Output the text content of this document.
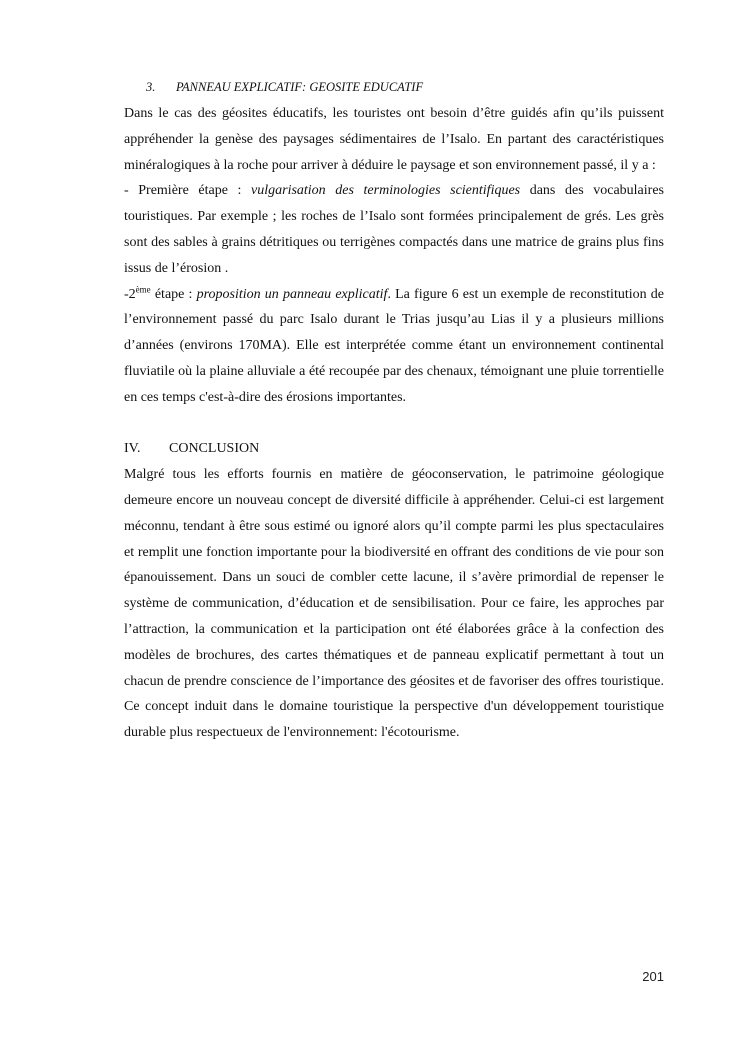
3. PANNEAU EXPLICATIF: GEOSITE EDUCATIF

Dans le cas des géosites éducatifs, les touristes ont besoin d’être guidés afin qu’ils puissent appréhender la genèse des paysages sédimentaires de l’Isalo. En partant des caractéristiques minéralogiques à la roche pour arriver à déduire le paysage et son environnement passé, il y a :

- Première étape : vulgarisation des terminologies scientifiques dans des vocabulaires touristiques. Par exemple ; les roches de l’Isalo sont formées principalement de grés. Les grès sont des sables à grains détritiques ou terrigènes compactés dans une matrice de grains plus fins issus de l’érosion .

-2ème étape : proposition un panneau explicatif. La figure 6 est un exemple de reconstitution de l’environnement passé du parc Isalo durant le Trias jusqu’au Lias il y a plusieurs millions d’années (environs 170MA). Elle est interprétée comme étant un environnement continental fluviatile où la plaine alluviale a été recoupée par des chenaux, témoignant une pluie torrentielle en ces temps c'est-à-dire des érosions importantes.

IV. CONCLUSION

Malgré tous les efforts fournis en matière de géoconservation, le patrimoine géologique demeure encore un nouveau concept de diversité difficile à appréhender. Celui-ci est largement méconnu, tendant à être sous estimé ou ignoré alors qu’il compte parmi les plus spectaculaires et remplit une fonction importante pour la biodiversité en offrant des conditions de vie pour son épanouissement. Dans un souci de combler cette lacune, il s’avère primordial de repenser le système de communication, d’éducation et de sensibilisation. Pour ce faire, les approches par l’attraction, la communication et la participation ont été élaborées grâce à la confection des modèles de brochures, des cartes thématiques et de panneau explicatif permettant à tout un chacun de prendre conscience de l’importance des géosites et de favoriser des offres touristique. Ce concept induit dans le domaine touristique la perspective d'un développement touristique durable plus respectueux de l'environnement: l'écotourisme.

201
